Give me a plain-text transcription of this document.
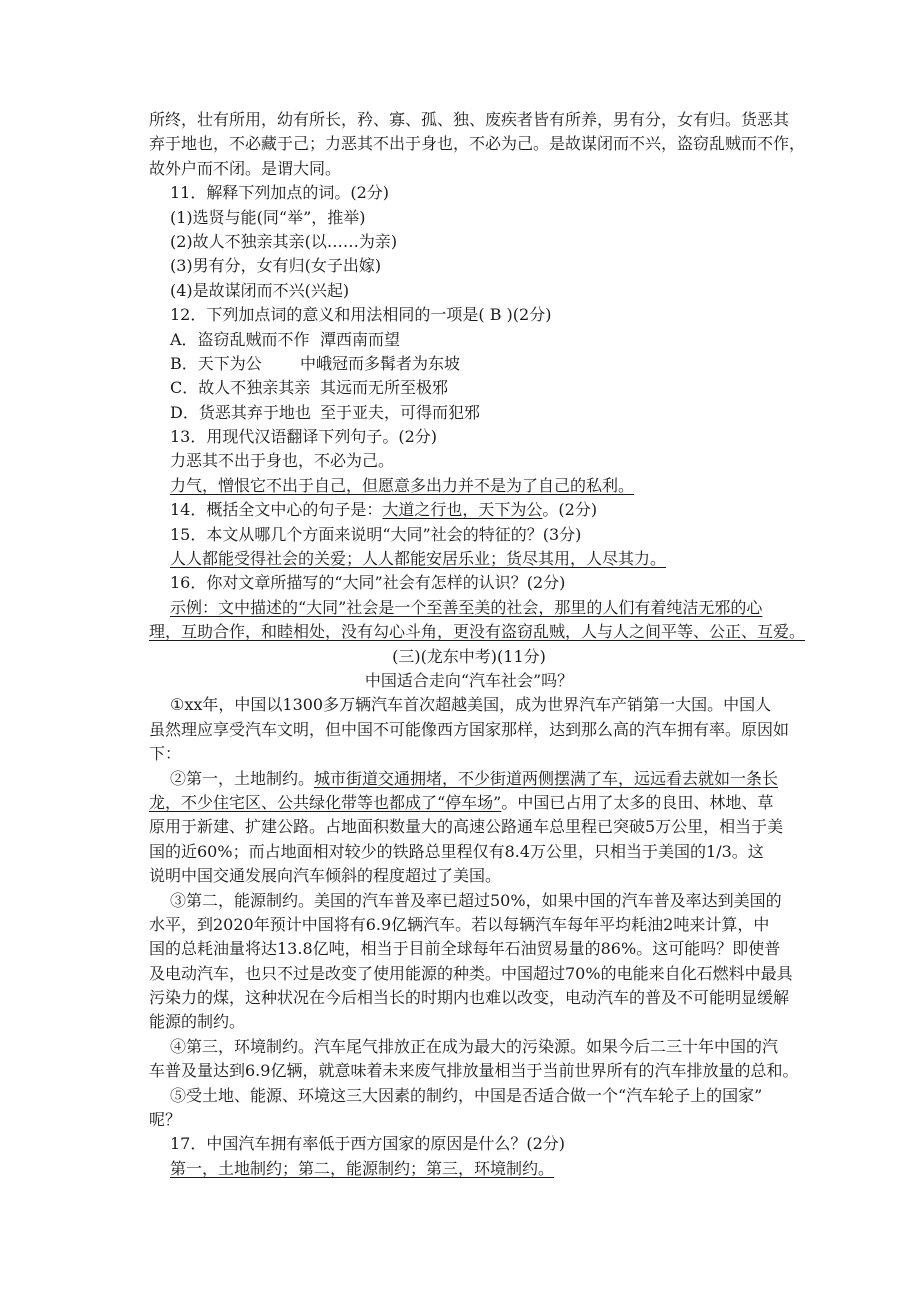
所终，壮有所用，幼有所长，矜、寡、孤、独、废疾者皆有所养，男有分，女有归。货恶其
弃于地也，不必藏于己；力恶其不出于身也，不必为己。是故谋闭而不兴，盗窃乱贼而不作，
故外户而不闭。是谓大同。
11．解释下列加点的词。(2分)
(1)选贤与能(同“举”，推举)
(2)故人不独亲其亲(以……为亲)
(3)男有分，女有归(女子出嫁)
(4)是故谋闭而不兴(兴起)
12．下列加点词的意义和用法相同的一项是( B )(2分)
A．盗窃乱贼而不作 潭西南而望
B．天下为公 中峨冠而多髯者为东坡
C．故人不独亲其亲 其远而无所至极邪
D．货恶其弃于地也 至于亚夫，可得而犯邪
13．用现代汉语翻译下列句子。(2分)
力恶其不出于身也，不必为己。
力气，憎恨它不出于自己，但愿意多出力并不是为了自己的私利。
14．概括全文中心的句子是：大道之行也，天下为公。(2分)
15．本文从哪几个方面来说明“大同”社会的特征的？(3分)
人人都能受得社会的关爱；人人都能安居乐业；货尽其用，人尽其力。
16．你对文章所描写的“大同”社会有怎样的认识？(2分)
示例：文中描述的“大同”社会是一个至善至美的社会，那里的人们有着纯洁无邪的心
理，互助合作，和睦相处，没有勾心斗角，更没有盗窃乱贼，人与人之间平等、公正、互爱。
(三)(龙东中考)(11分)
中国适合走向“汽车社会”吗？
①xx年，中国以1300多万辆汽车首次超越美国，成为世界汽车产销第一大国。中国人
虽然理应享受汽车文明，但中国不可能像西方国家那样，达到那么高的汽车拥有率。原因如
下：
②第一，土地制约。城市街道交通拥堵，不少街道两侧摆满了车，远远看去就如一条长
龙，不少住宅区、公共绿化带等也都成了“停车场”。中国已占用了太多的良田、林地、草
原用于新建、扩建公路。占地面积数量大的高速公路通车总里程已突破5万公里，相当于美
国的近60%；而占地面相对较少的铁路总里程仅有8.4万公里，只相当于美国的1/3。这
说明中国交通发展向汽车倾斜的程度超过了美国。
③第二，能源制约。美国的汽车普及率已超过50%，如果中国的汽车普及率达到美国的
水平，到2020年预计中国将有6.9亿辆汽车。若以每辆汽车每年平均耗油2吨来计算，中
国的总耗油量将达13.8亿吨，相当于目前全球每年石油贸易量的86%。这可能吗？即使普
及电动汽车，也只不过是改变了使用能源的种类。中国超过70%的电能来自化石燃料中最具
污染力的煤，这种状况在今后相当长的时期内也难以改变，电动汽车的普及不可能明显缓解
能源的制约。
④第三，环境制约。汽车尾气排放正在成为最大的污染源。如果今后二三十年中国的汽
车普及量达到6.9亿辆，就意味着未来废气排放量相当于当前世界所有的汽车排放量的总和。
⑤受土地、能源、环境这三大因素的制约，中国是否适合做一个“汽车轮子上的国家”
呢？
17．中国汽车拥有率低于西方国家的原因是什么？(2分)
第一，土地制约；第二，能源制约；第三，环境制约。
